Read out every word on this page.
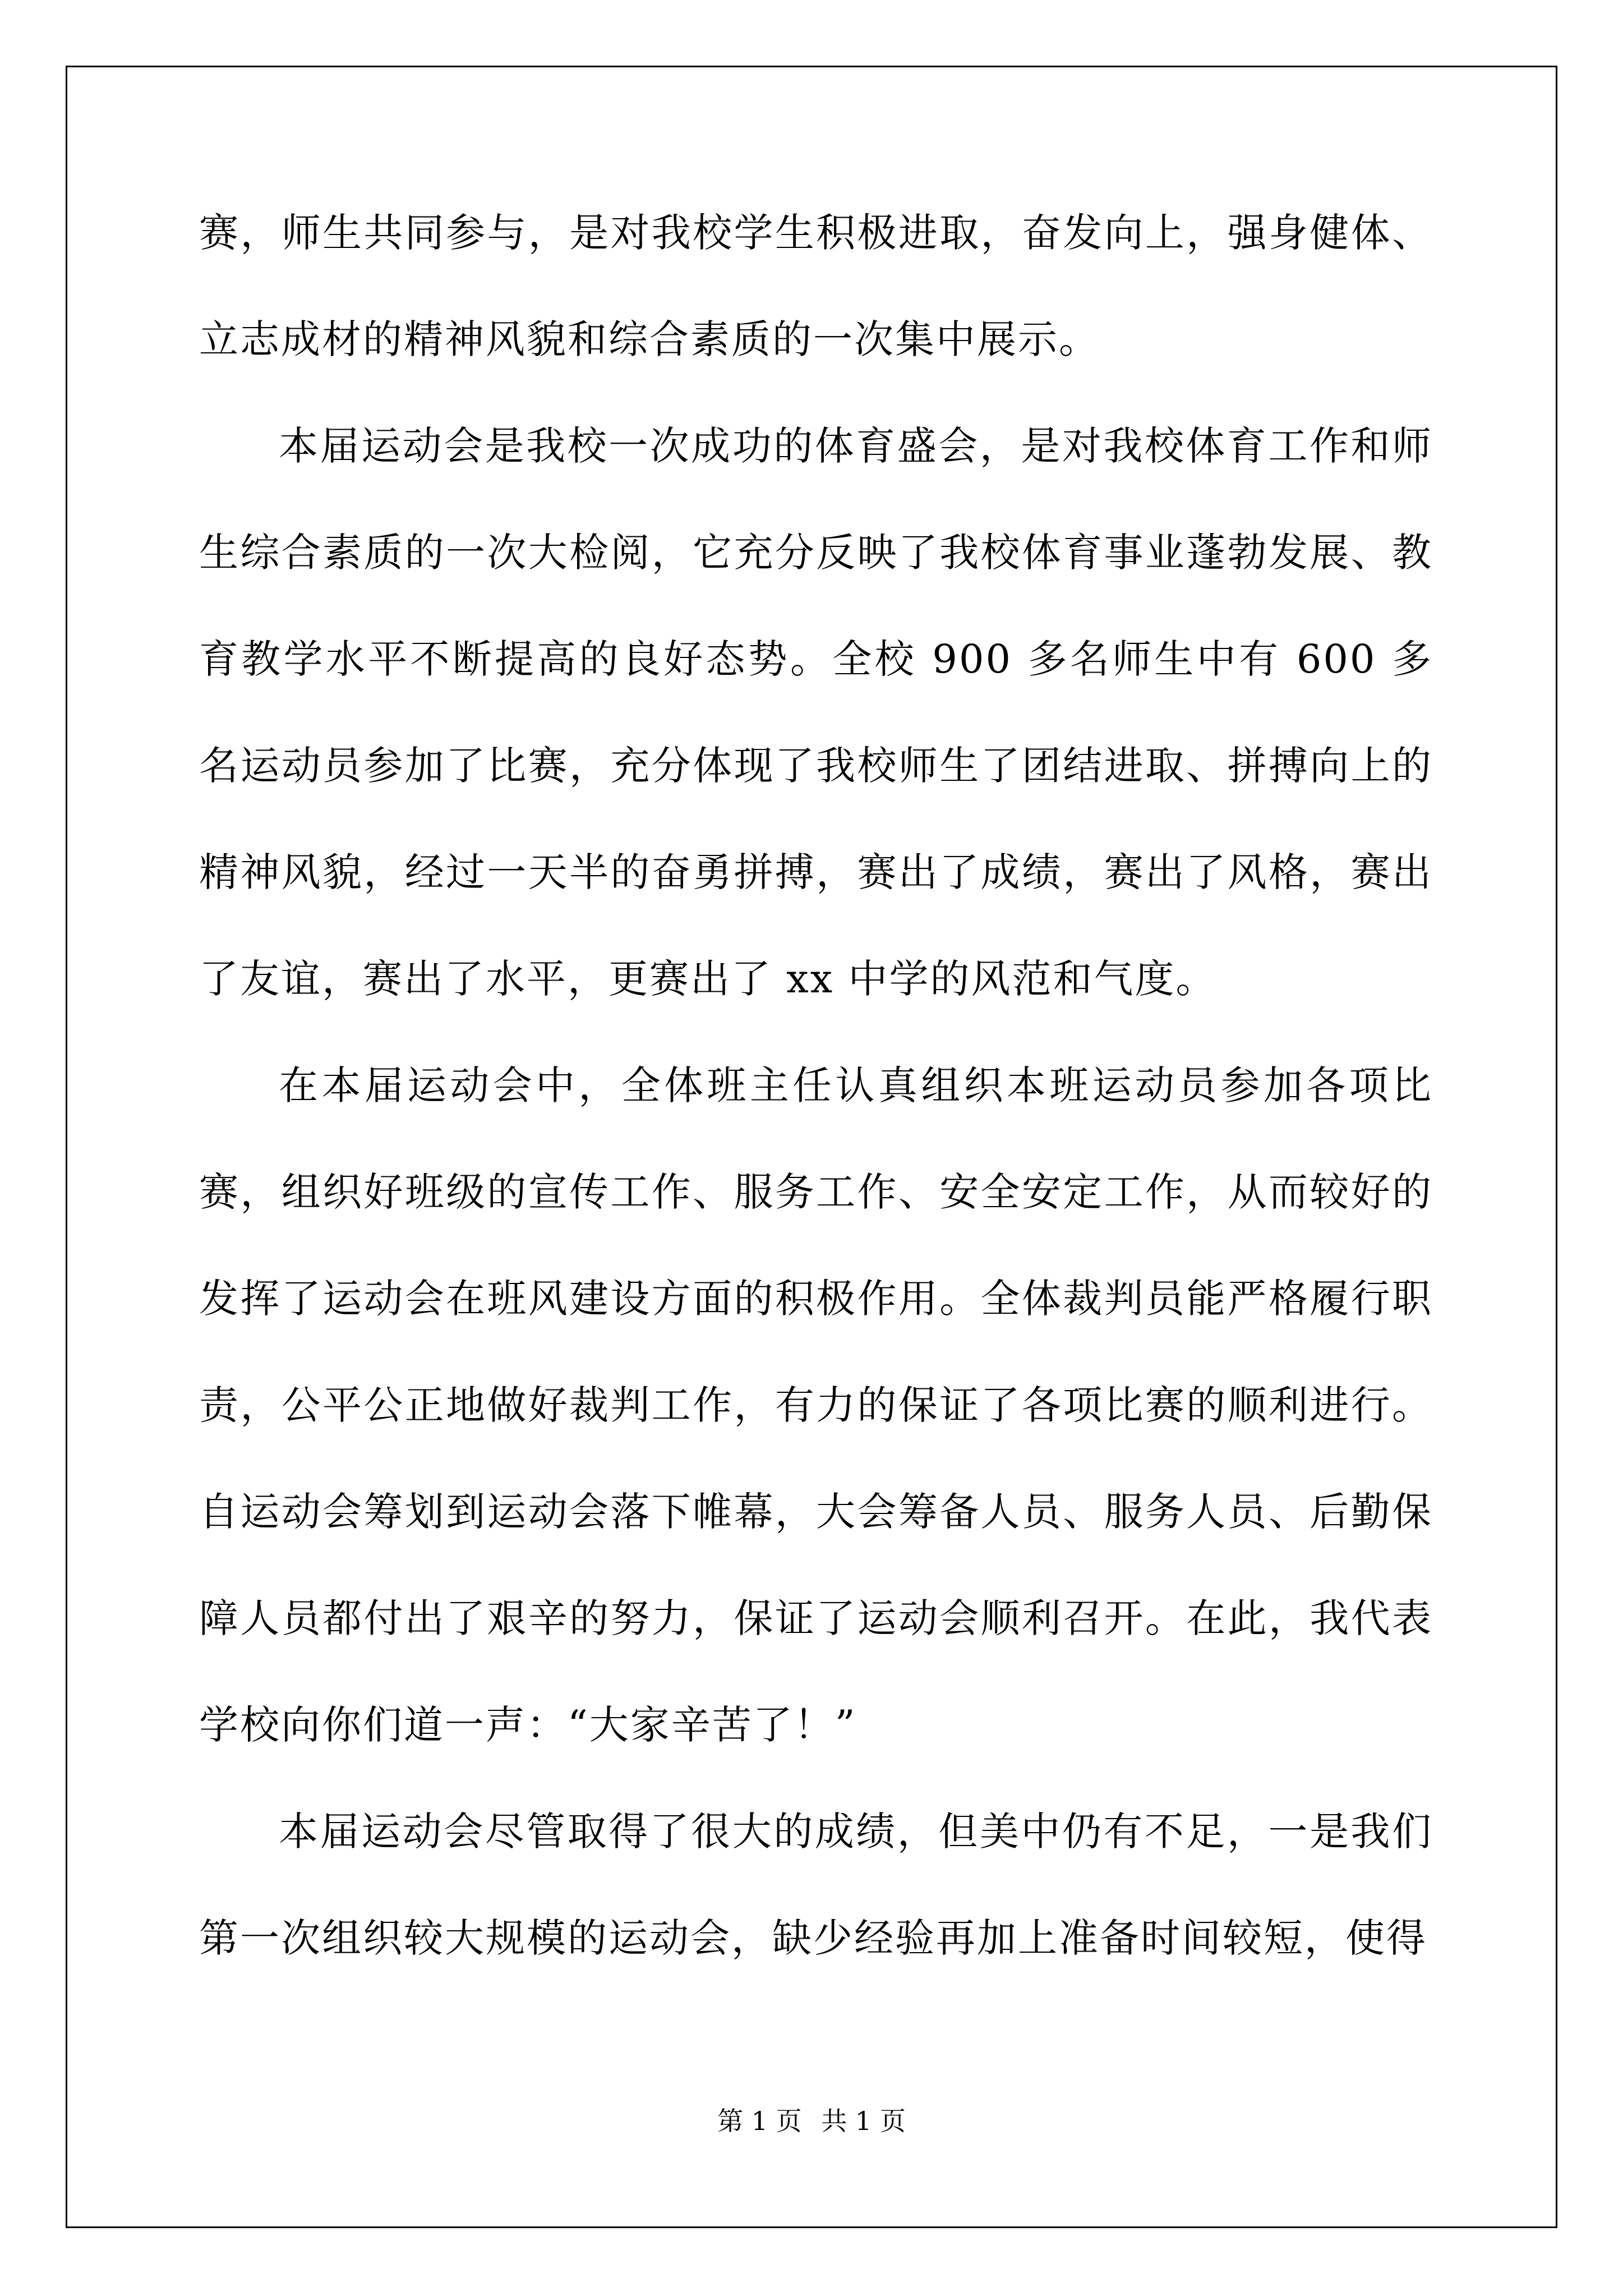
赛，师生共同参与，是对我校学生积极进取，奋发向上，强身健体、立志成材的精神风貌和综合素质的一次集中展示。

本届运动会是我校一次成功的体育盛会，是对我校体育工作和师生综合素质的一次大检阅，它充分反映了我校体育事业蓬勃发展、教育教学水平不断提高的良好态势。全校 900 多名师生中有 600 多名运动员参加了比赛，充分体现了我校师生了团结进取、拼搏向上的精神风貌，经过一天半的奋勇拼搏，赛出了成绩，赛出了风格，赛出了友谊，赛出了水平，更赛出了 xx 中学的风范和气度。

在本届运动会中，全体班主任认真组织本班运动员参加各项比赛，组织好班级的宣传工作、服务工作、安全安定工作，从而较好的发挥了运动会在班风建设方面的积极作用。全体裁判员能严格履行职责，公平公正地做好裁判工作，有力的保证了各项比赛的顺利进行。自运动会筹划到运动会落下帷幕，大会筹备人员、服务人员、后勤保障人员都付出了艰辛的努力，保证了运动会顺利召开。在此，我代表学校向你们道一声：“大家辛苦了！”

本届运动会尽管取得了很大的成绩，但美中仍有不足，一是我们第一次组织较大规模的运动会，缺少经验再加上准备时间较短，使得

第 1 页 共 1 页
